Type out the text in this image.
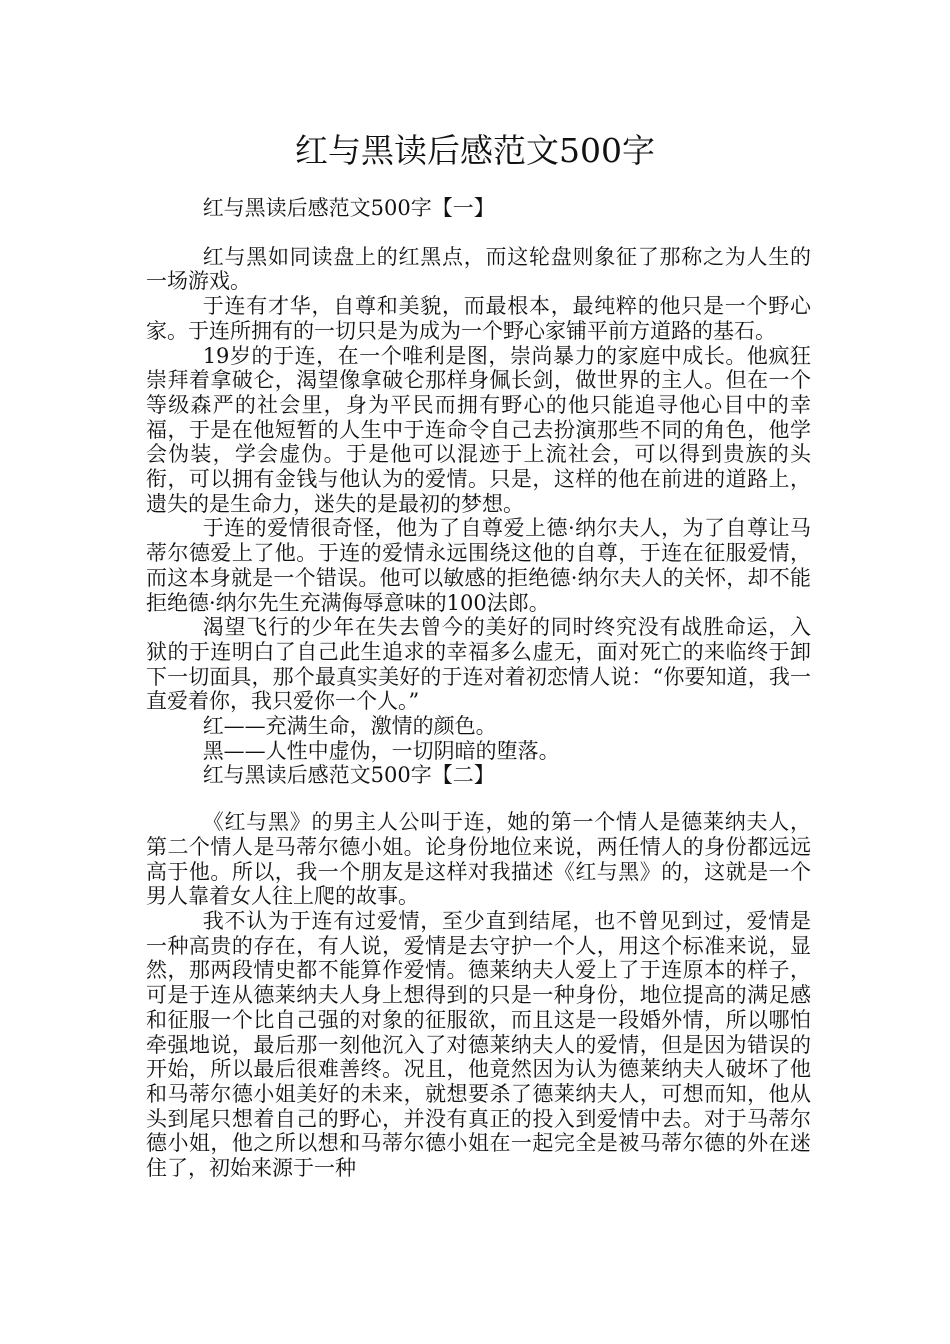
红与黑读后感范文500字

红与黑读后感范文500字【一】

红与黑如同读盘上的红黑点，而这轮盘则象征了那称之为人生的一场游戏。

于连有才华，自尊和美貌，而最根本，最纯粹的他只是一个野心家。于连所拥有的一切只是为成为一个野心家铺平前方道路的基石。

19岁的于连，在一个唯利是图，崇尚暴力的家庭中成长。他疯狂崇拜着拿破仑，渴望像拿破仑那样身佩长剑，做世界的主人。但在一个等级森严的社会里，身为平民而拥有野心的他只能追寻他心目中的幸福，于是在他短暂的人生中于连命令自己去扮演那些不同的角色，他学会伪装，学会虚伪。于是他可以混迹于上流社会，可以得到贵族的头衔，可以拥有金钱与他认为的爱情。只是，这样的他在前进的道路上，遗失的是生命力，迷失的是最初的梦想。

于连的爱情很奇怪，他为了自尊爱上德·纳尔夫人，为了自尊让马蒂尔德爱上了他。于连的爱情永远围绕这他的自尊，于连在征服爱情，而这本身就是一个错误。他可以敏感的拒绝德·纳尔夫人的关怀，却不能拒绝德·纳尔先生充满侮辱意味的100法郎。

渴望飞行的少年在失去曾今的美好的同时终究没有战胜命运，入狱的于连明白了自己此生追求的幸福多么虚无，面对死亡的来临终于卸下一切面具，那个最真实美好的于连对着初恋情人说：“你要知道，我一直爱着你，我只爱你一个人。”

红——充满生命，激情的颜色。

黑——人性中虚伪，一切阴暗的堕落。

红与黑读后感范文500字【二】

《红与黑》的男主人公叫于连，她的第一个情人是德莱纳夫人，第二个情人是马蒂尔德小姐。论身份地位来说，两任情人的身份都远远高于他。所以，我一个朋友是这样对我描述《红与黑》的，这就是一个男人靠着女人往上爬的故事。

我不认为于连有过爱情，至少直到结尾，也不曾见到过，爱情是一种高贵的存在，有人说，爱情是去守护一个人，用这个标准来说，显然，那两段情史都不能算作爱情。德莱纳夫人爱上了于连原本的样子，可是于连从德莱纳夫人身上想得到的只是一种身份，地位提高的满足感和征服一个比自己强的对象的征服欲，而且这是一段婚外情，所以哪怕牵强地说，最后那一刻他沉入了对德莱纳夫人的爱情，但是因为错误的开始，所以最后很难善终。况且，他竟然因为认为德莱纳夫人破坏了他和马蒂尔德小姐美好的未来，就想要杀了德莱纳夫人，可想而知，他从头到尾只想着自己的野心，并没有真正的投入到爱情中去。对于马蒂尔德小姐，他之所以想和马蒂尔德小姐在一起完全是被马蒂尔德的外在迷住了，初始来源于一种
